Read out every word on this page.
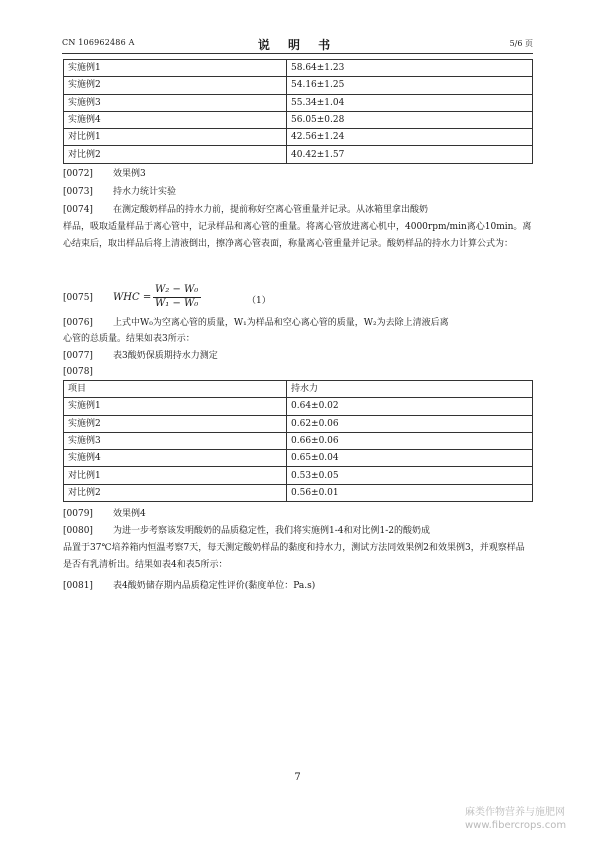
CN 106962486 A	说 明 书	5/6 页
实施例1	58.64±1.23
实施例2	54.16±1.25
实施例3	55.34±1.04
实施例4	56.05±0.28
对比例1	42.56±1.24
对比例2	40.42±1.57
[0072] 效果例3
[0073] 持水力统计实验
[0074] 在测定酸奶样品的持水力前，提前称好空离心管重量并记录。从冰箱里拿出酸奶
样品，吸取适量样品于离心管中，记录样品和离心管的重量。将离心管放进离心机中，4000rpm/min离心10min。离心结束后，取出样品后将上清液倒出，擦净离心管表面，称量离心管重量并记录。酸奶样品的持水力计算公式为：
[0075] WHC =
W₂ − W₀
W₁ − W₀	（1）
[0076] 上式中W₀为空离心管的质量，W₁为样品和空心离心管的质量，W₂为去除上清液后离
心管的总质量。结果如表3所示：
[0077] 表3酸奶保质期持水力测定
[0078]
项目	持水力
实施例1	0.64±0.02
实施例2	0.62±0.06
实施例3	0.66±0.06
实施例4	0.65±0.04
对比例1	0.53±0.05
对比例2	0.56±0.01
[0079] 效果例4
[0080] 为进一步考察该发明酸奶的品质稳定性，我们将实施例1-4和对比例1-2的酸奶成
品置于37℃培养箱内恒温考察7天，每天测定酸奶样品的黏度和持水力，测试方法同效果例2和效果例3，并观察样品是否有乳清析出。结果如表4和表5所示：
[0081] 表4酸奶储存期内品质稳定性评价(黏度单位：Pa.s)
7
麻类作物营养与施肥网
www.fibercrops.com
